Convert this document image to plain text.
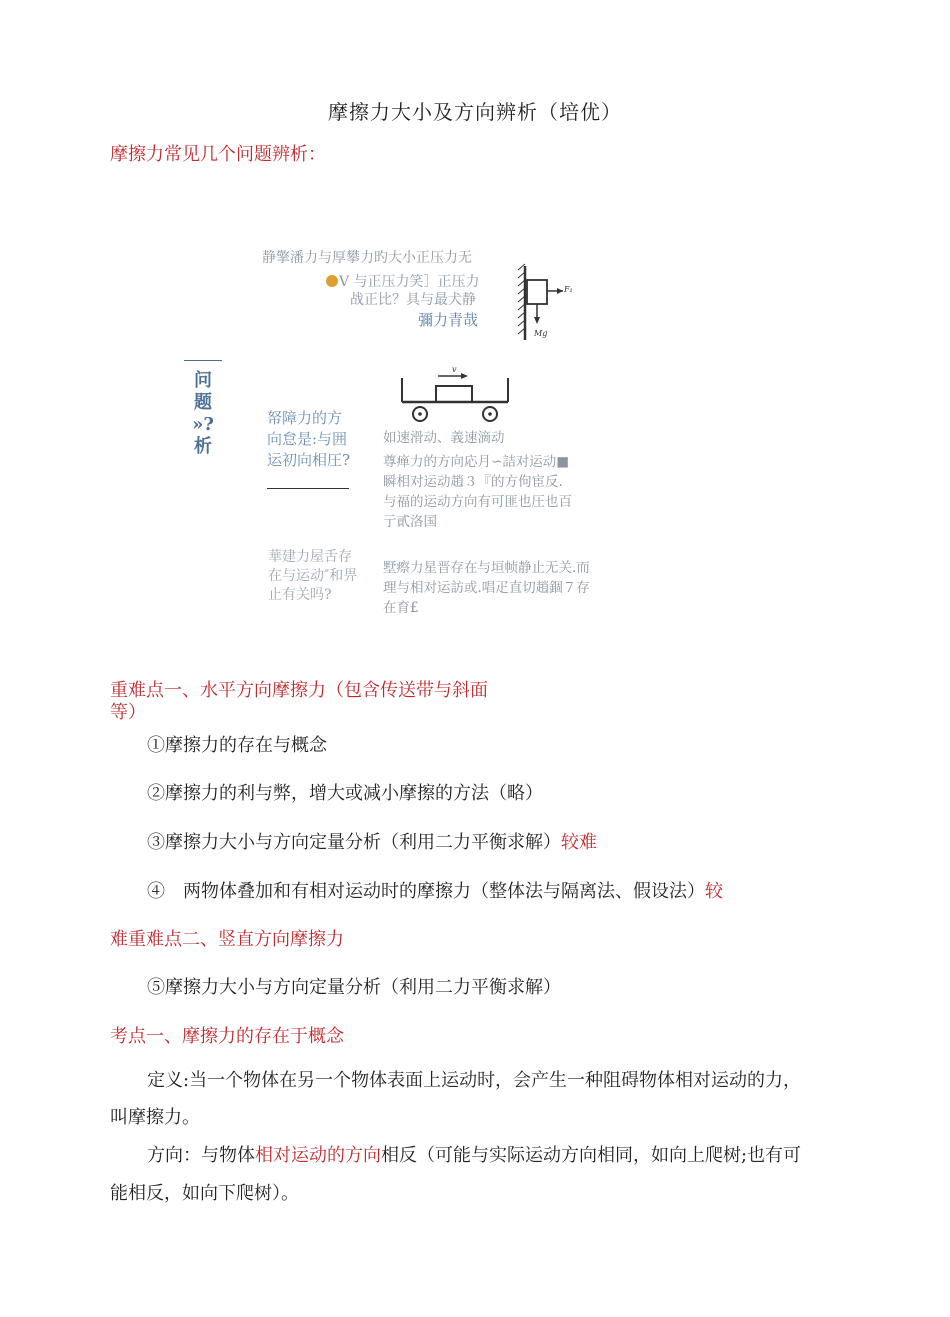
摩擦力大小及方向辨析（培优）
摩擦力常见几个问题辨析：
静擎潘力与厚攀力旳大小正压力无
V 与正压力笑］正压力
战正比？具与最犬静
彌力青哉
F₁
Mg
v
问
题
»?
析
帑障力的方向怠是:与囲运初向相圧?
如速滑动、義速滴动
尊瘅力的方向応月∽詰对运动■瞬相对运动趙３『的方佝宦反. 与福的运动方向有可匪也圧也百亍貳洛国
華建力屋舌存在与运动″和畀止有关吗?
墅瘵力星晋存在与垣帧静止无关.而理与相对运訪或.唱疋直切趙錮７存在育£
重难点一、水平方向摩擦力（包含传送带与斜面
等）
①摩擦力的存在与概念
②摩擦力的利与弊，增大或减小摩擦的方法（略）
③摩擦力大小与方向定量分析（利用二力平衡求解）较难
④　两物体叠加和有相对运动时的摩擦力（整体法与隔离法、假设法）较
难重难点二、竖直方向摩擦力
⑤摩擦力大小与方向定量分析（利用二力平衡求解）
考点一、摩擦力的存在于概念
定义:当一个物体在另一个物体表面上运动时，会产生一种阻碍物体相对运动的力，
叫摩擦力。
方向：与物体相对运动的方向相反（可能与实际运动方向相同，如向上爬树;也有可
能相反，如向下爬树）。
